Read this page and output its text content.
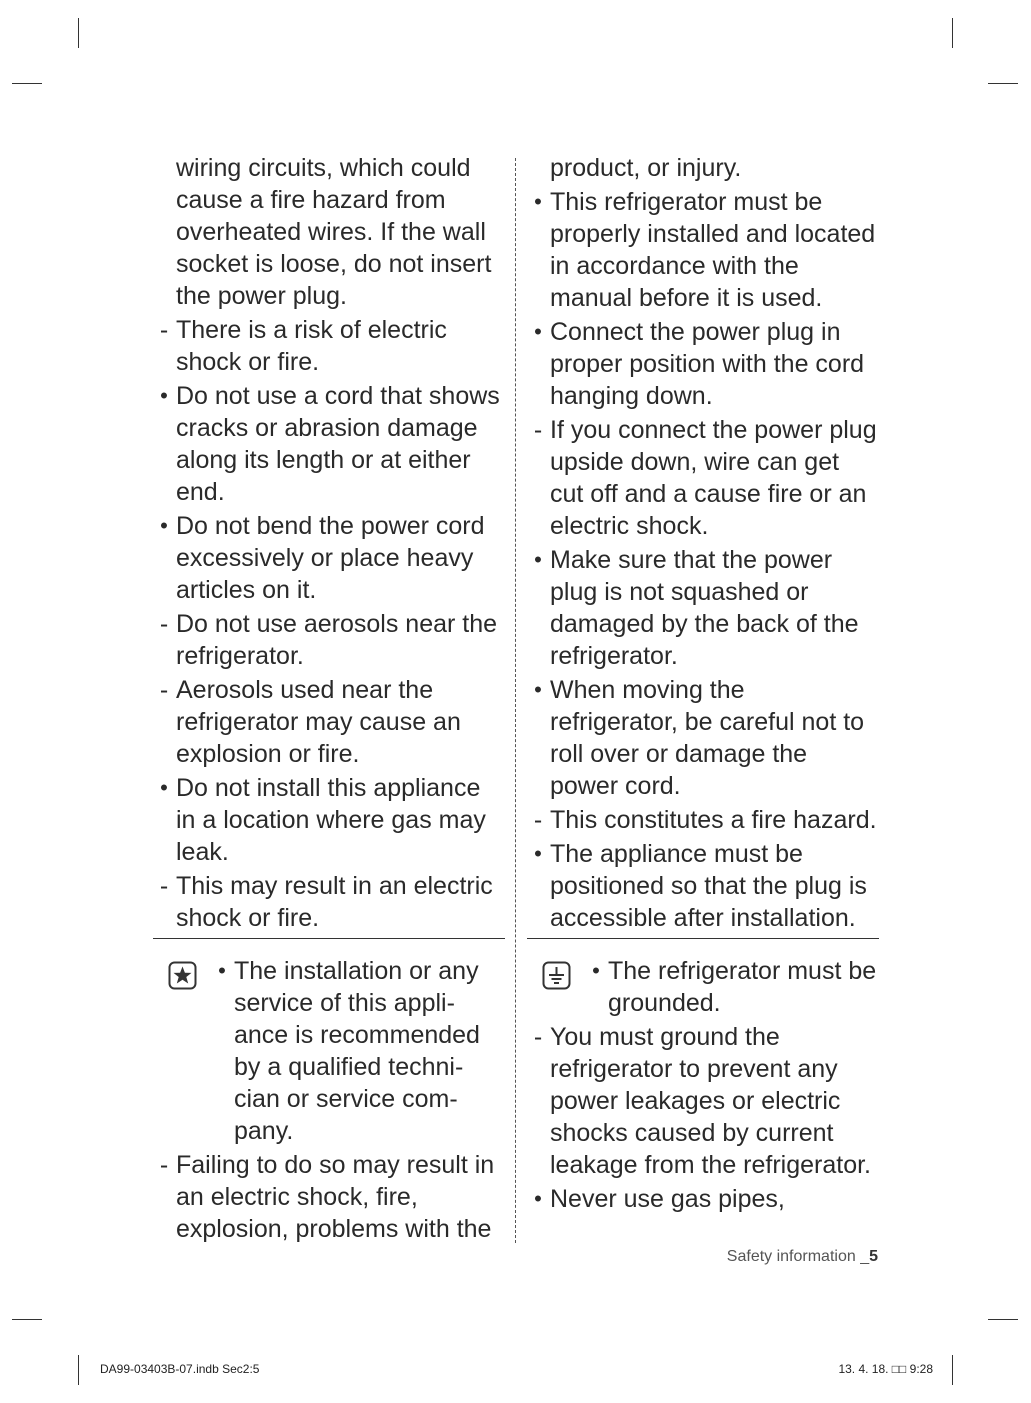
wiring circuits, which could cause a fire hazard from overheated wires. If the wall socket is loose, do not insert the power plug.
- There is a risk of electric shock or fire.
• Do not use a cord that shows cracks or abrasion damage along its length or at either end.
• Do not bend the power cord excessively or place heavy articles on it.
- Do not use aerosols near the refrigerator.
- Aerosols used near the refrigerator may cause an explosion or fire.
• Do not install this appliance in a location where gas may leak.
- This may result in an electric shock or fire.
• The installation or any service of this appli-ance is recommended by a qualified techni-cian or service com-pany.
- Failing to do so may result in an electric shock, fire, explosion, problems with the
product, or injury.
• This refrigerator must be properly installed and located in accordance with the manual before it is used.
• Connect the power plug in proper position with the cord hanging down.
- If you connect the power plug upside down, wire can get cut off and a cause fire or an electric shock.
• Make sure that the power plug is not squashed or damaged by the back of the refrigerator.
• When moving the refrigerator, be careful not to roll over or damage the power cord.
- This constitutes a fire hazard.
• The appliance must be positioned so that the plug is accessible after installation.
• The refrigerator must be grounded.
- You must ground the refrigerator to prevent any power leakages or electric shocks caused by current leakage from the refrigerator.
• Never use gas pipes,
Safety information _5
DA99-03403B-07.indb Sec2:5	13. 4. 18. □□ 9:28
